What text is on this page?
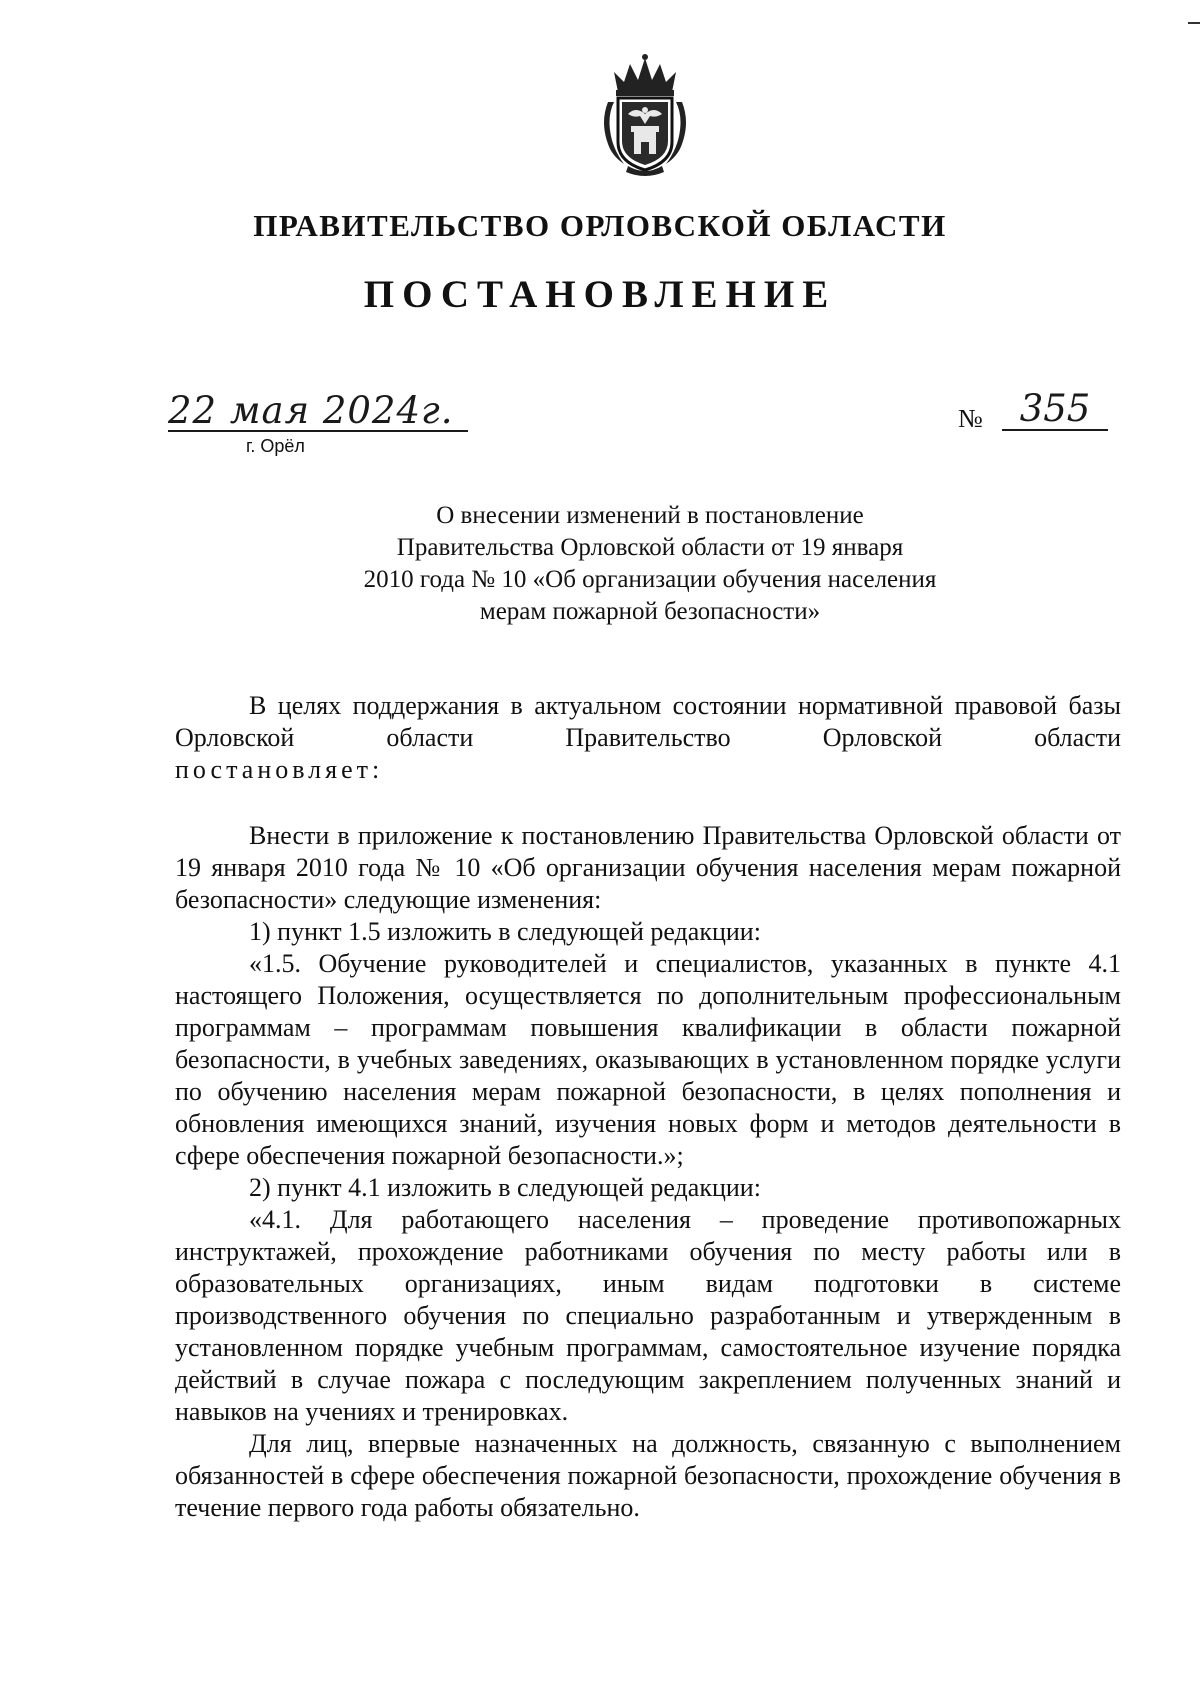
ПРАВИТЕЛЬСТВО ОРЛОВСКОЙ ОБЛАСТИ
ПОСТАНОВЛЕНИЕ
22 мая 2024г.
г. Орёл
№ 355
О внесении изменений в постановление
Правительства Орловской области от 19 января
2010 года № 10 «Об организации обучения населения
мерам пожарной безопасности»

В целях поддержания в актуальном состоянии нормативной правовой базы Орловской области Правительство Орловской области

постановляет:

Внести в приложение к постановлению Правительства Орловской области от 19 января 2010 года № 10 «Об организации обучения населения мерам пожарной безопасности» следующие изменения:

1) пункт 1.5 изложить в следующей редакции:

«1.5. Обучение руководителей и специалистов, указанных в пункте 4.1 настоящего Положения, осуществляется по дополнительным профессиональным программам – программам повышения квалификации в области пожарной безопасности, в учебных заведениях, оказывающих в установленном порядке услуги по обучению населения мерам пожарной безопасности, в целях пополнения и обновления имеющихся знаний, изучения новых форм и методов деятельности в сфере обеспечения пожарной безопасности.»;

2) пункт 4.1 изложить в следующей редакции:

«4.1. Для работающего населения – проведение противопожарных инструктажей, прохождение работниками обучения по месту работы или в образовательных организациях, иным видам подготовки в системе производственного обучения по специально разработанным и утвержденным в установленном порядке учебным программам, самостоятельное изучение порядка действий в случае пожара с последующим закреплением полученных знаний и навыков на учениях и тренировках.

Для лиц, впервые назначенных на должность, связанную с выполнением обязанностей в сфере обеспечения пожарной безопасности, прохождение обучения в течение первого года работы обязательно.
